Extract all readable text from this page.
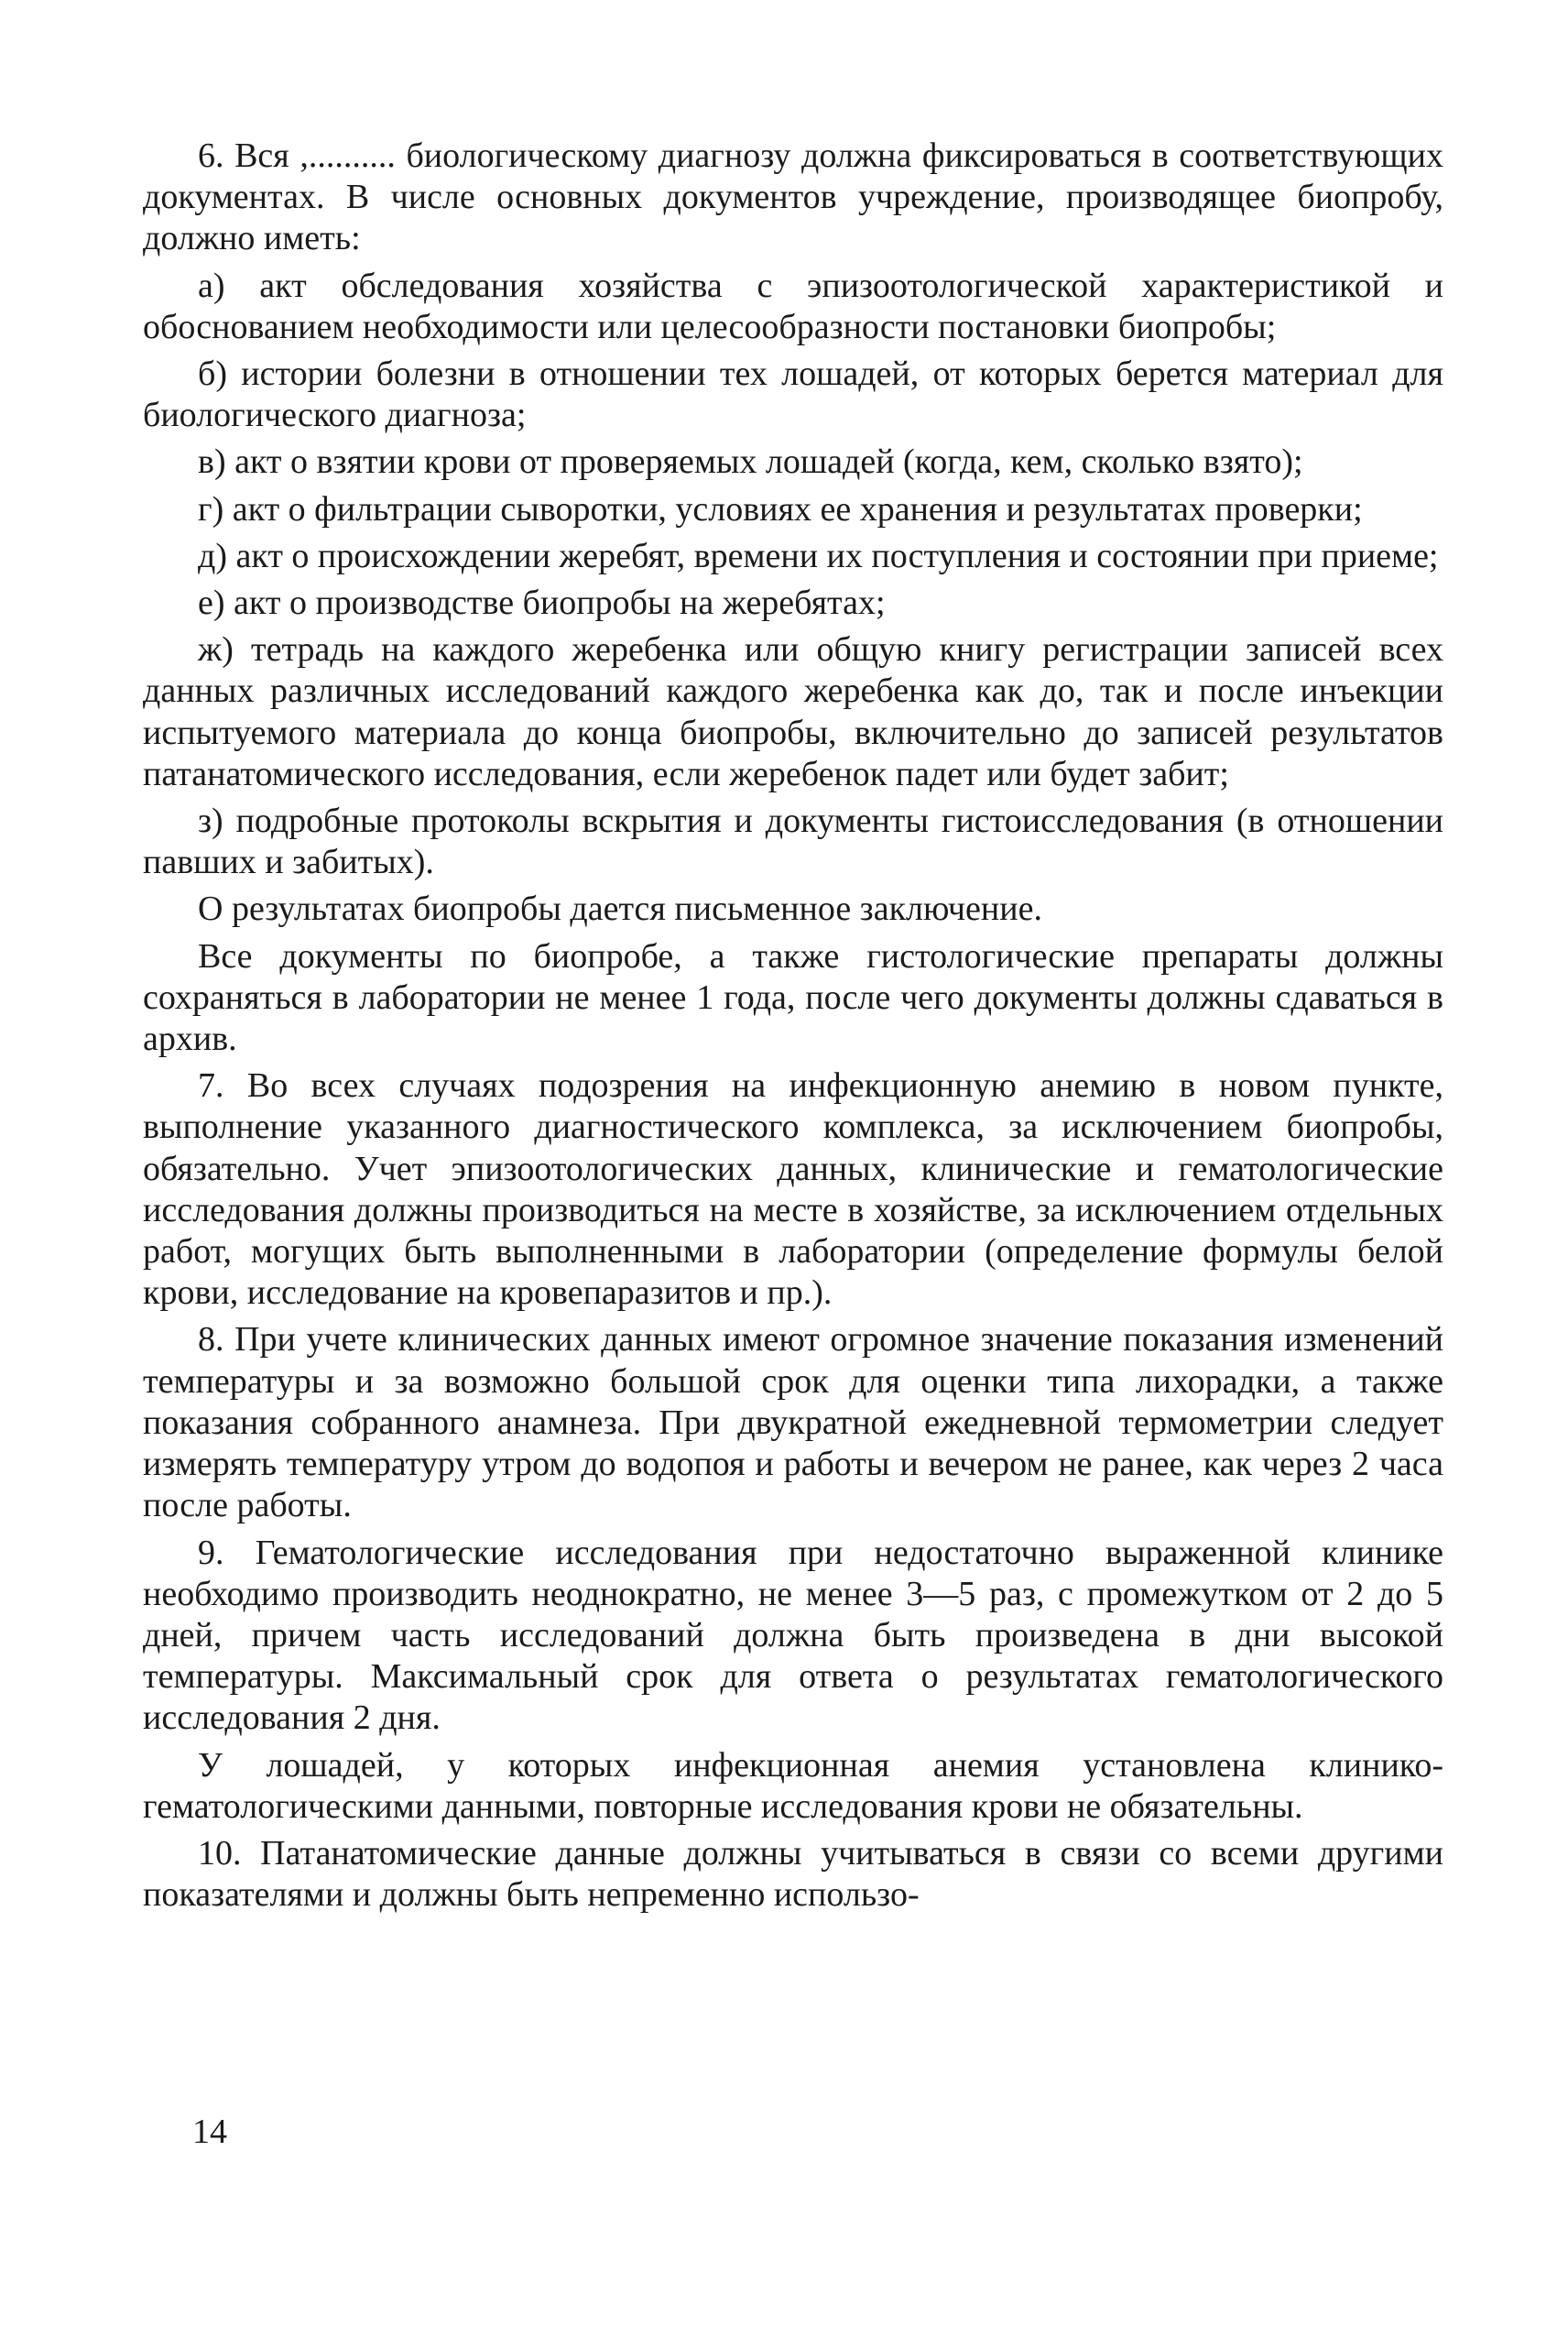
6. Вся ,.......... биологическому диагнозу должна фиксироваться в соответствующих документах. В числе основных документов учреждение, производящее биопробу, должно иметь:

а) акт обследования хозяйства с эпизоотологической характеристикой и обоснованием необходимости или целесообразности постановки биопробы;

б) истории болезни в отношении тех лошадей, от которых берется материал для биологического диагноза;

в) акт о взятии крови от проверяемых лошадей (когда, кем, сколько взято);

г) акт о фильтрации сыворотки, условиях ее хранения и результатах проверки;

д) акт о происхождении жеребят, времени их поступления и состоянии при приеме;

е) акт о производстве биопробы на жеребятах;

ж) тетрадь на каждого жеребенка или общую книгу регистрации записей всех данных различных исследований каждого жеребенка как до, так и после инъекции испытуемого материала до конца биопробы, включительно до записей результатов патанатомического исследования, если жеребенок падет или будет забит;

з) подробные протоколы вскрытия и документы гистоисследования (в отношении павших и забитых).

О результатах биопробы дается письменное заключение.

Все документы по биопробе, а также гистологические препараты должны сохраняться в лаборатории не менее 1 года, после чего документы должны сдаваться в архив.

7. Во всех случаях подозрения на инфекционную анемию в новом пункте, выполнение указанного диагностического комплекса, за исключением биопробы, обязательно. Учет эпизоотологических данных, клинические и гематологические исследования должны производиться на месте в хозяйстве, за исключением отдельных работ, могущих быть выполненными в лаборатории (определение формулы белой крови, исследование на кровепаразитов и пр.).

8. При учете клинических данных имеют огромное значение показания изменений температуры и за возможно большой срок для оценки типа лихорадки, а также показания собранного анамнеза. При двукратной ежедневной термометрии следует измерять температуру утром до водопоя и работы и вечером не ранее, как через 2 часа после работы.

9. Гематологические исследования при недостаточно выраженной клинике необходимо производить неоднократно, не менее 3—5 раз, с промежутком от 2 до 5 дней, причем часть исследований должна быть произведена в дни высокой температуры. Максимальный срок для ответа о результатах гематологического исследования 2 дня.

У лошадей, у которых инфекционная анемия установлена клинико-гематологическими данными, повторные исследования крови не обязательны.

10. Патанатомические данные должны учитываться в связи со всеми другими показателями и должны быть непременно использо-

14
